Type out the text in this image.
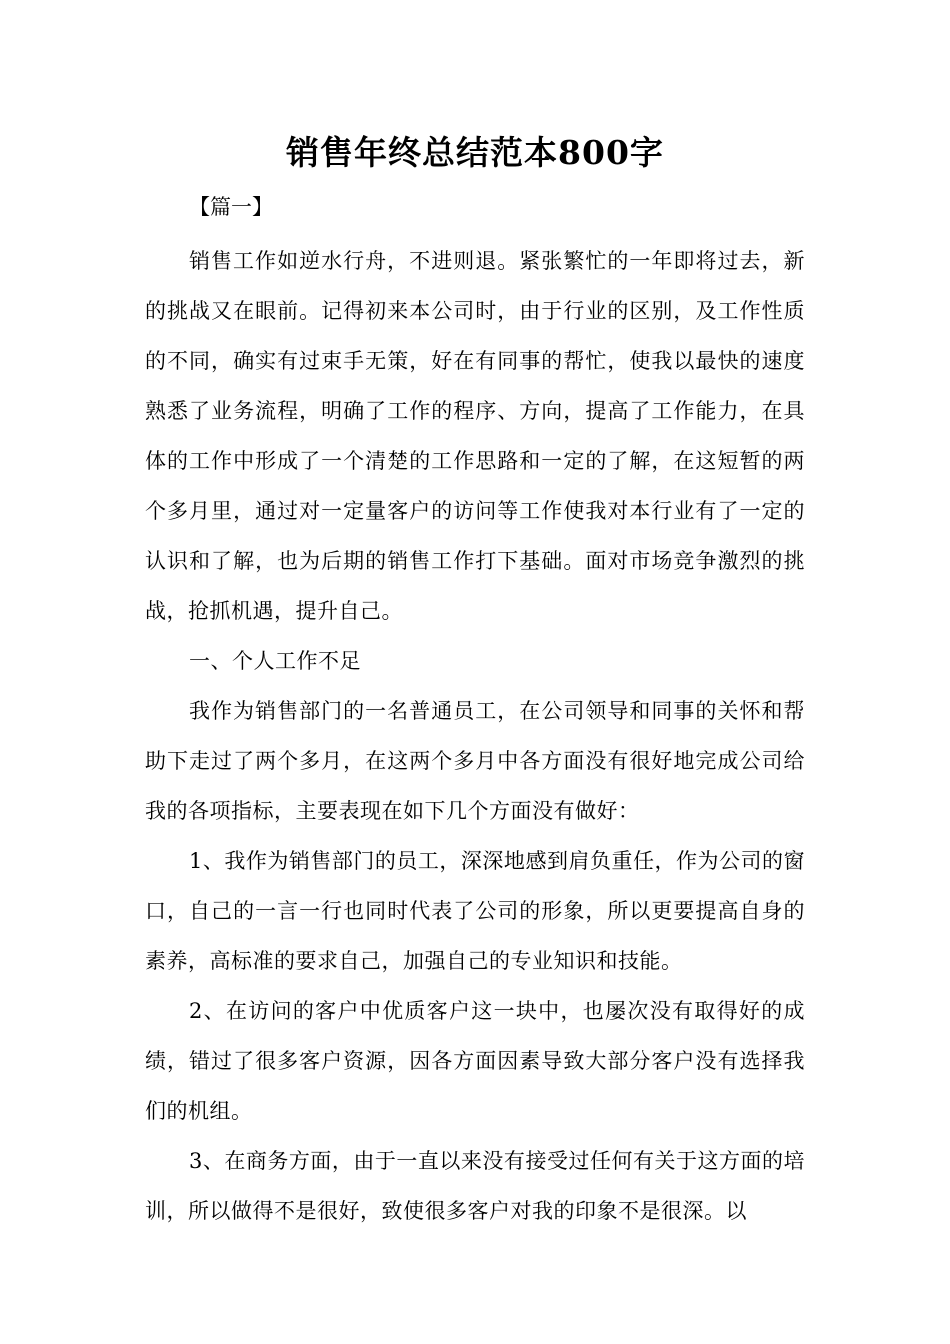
销售年终总结范本800字

【篇一】

销售工作如逆水行舟，不进则退。紧张繁忙的一年即将过去，新的挑战又在眼前。记得初来本公司时，由于行业的区别，及工作性质的不同，确实有过束手无策，好在有同事的帮忙，使我以最快的速度熟悉了业务流程，明确了工作的程序、方向，提高了工作能力，在具体的工作中形成了一个清楚的工作思路和一定的了解，在这短暂的两个多月里，通过对一定量客户的访问等工作使我对本行业有了一定的认识和了解，也为后期的销售工作打下基础。面对市场竞争激烈的挑战，抢抓机遇，提升自己。

一、个人工作不足

我作为销售部门的一名普通员工，在公司领导和同事的关怀和帮助下走过了两个多月，在这两个多月中各方面没有很好地完成公司给我的各项指标，主要表现在如下几个方面没有做好：

1、我作为销售部门的员工，深深地感到肩负重任，作为公司的窗口，自己的一言一行也同时代表了公司的形象，所以更要提高自身的素养，高标准的要求自己，加强自己的专业知识和技能。

2、在访问的客户中优质客户这一块中，也屡次没有取得好的成绩，错过了很多客户资源，因各方面因素导致大部分客户没有选择我们的机组。

3、在商务方面，由于一直以来没有接受过任何有关于这方面的培训，所以做得不是很好，致使很多客户对我的印象不是很深。以
